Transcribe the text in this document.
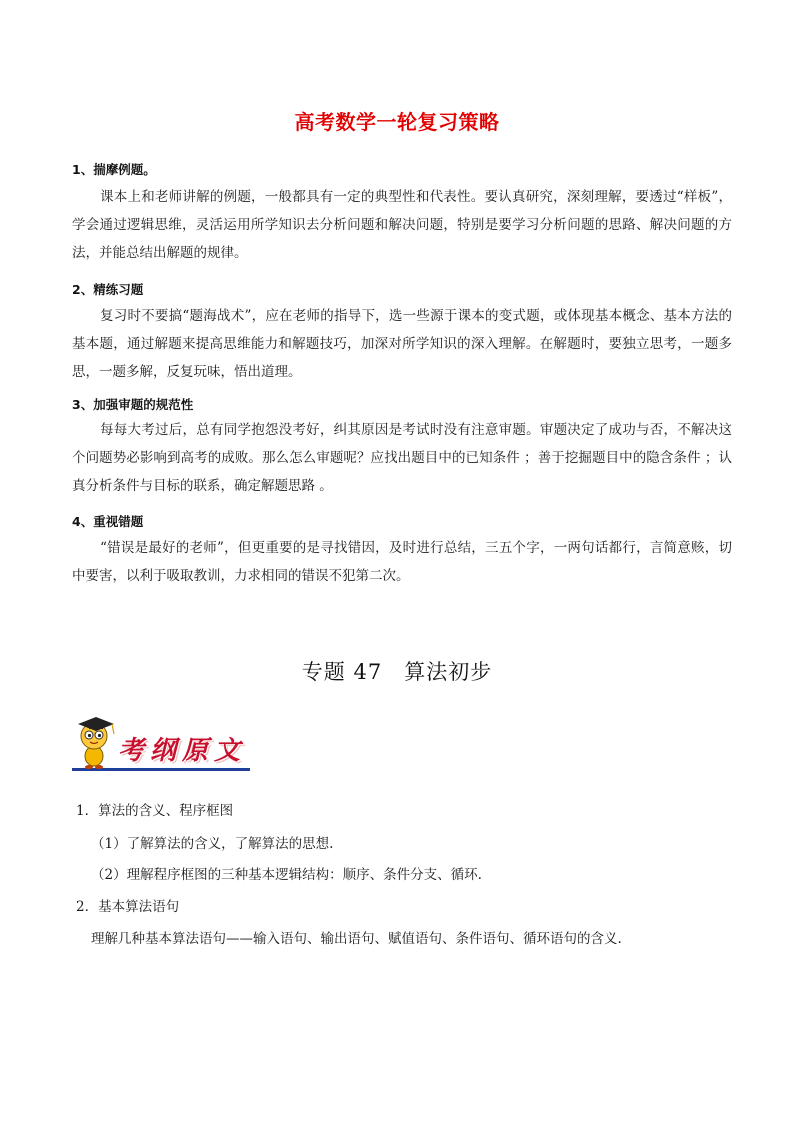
高考数学一轮复习策略
1、揣摩例题。
课本上和老师讲解的例题，一般都具有一定的典型性和代表性。要认真研究，深刻理解，要透过“样板”，学会通过逻辑思维，灵活运用所学知识去分析问题和解决问题，特别是要学习分析问题的思路、解决问题的方法，并能总结出解题的规律。
2、精练习题
复习时不要搞“题海战术”，应在老师的指导下，选一些源于课本的变式题，或体现基本概念、基本方法的基本题，通过解题来提高思维能力和解题技巧，加深对所学知识的深入理解。在解题时，要独立思考，一题多思，一题多解，反复玩味，悟出道理。
3、加强审题的规范性
每每大考过后，总有同学抱怨没考好，纠其原因是考试时没有注意审题。审题决定了成功与否，不解决这个问题势必影响到高考的成败。那么怎么审题呢？应找出题目中的已知条件 ；善于挖掘题目中的隐含条件 ；认真分析条件与目标的联系，确定解题思路 。
4、重视错题
“错误是最好的老师”，但更重要的是寻找错因，及时进行总结，三五个字，一两句话都行，言简意赅，切中要害，以利于吸取教训，力求相同的错误不犯第二次。
专题 47　算法初步
考纲原文
1．算法的含义、程序框图
（1）了解算法的含义，了解算法的思想.
（2）理解程序框图的三种基本逻辑结构：顺序、条件分支、循环.
2．基本算法语句
理解几种基本算法语句——输入语句、输出语句、赋值语句、条件语句、循环语句的含义.
